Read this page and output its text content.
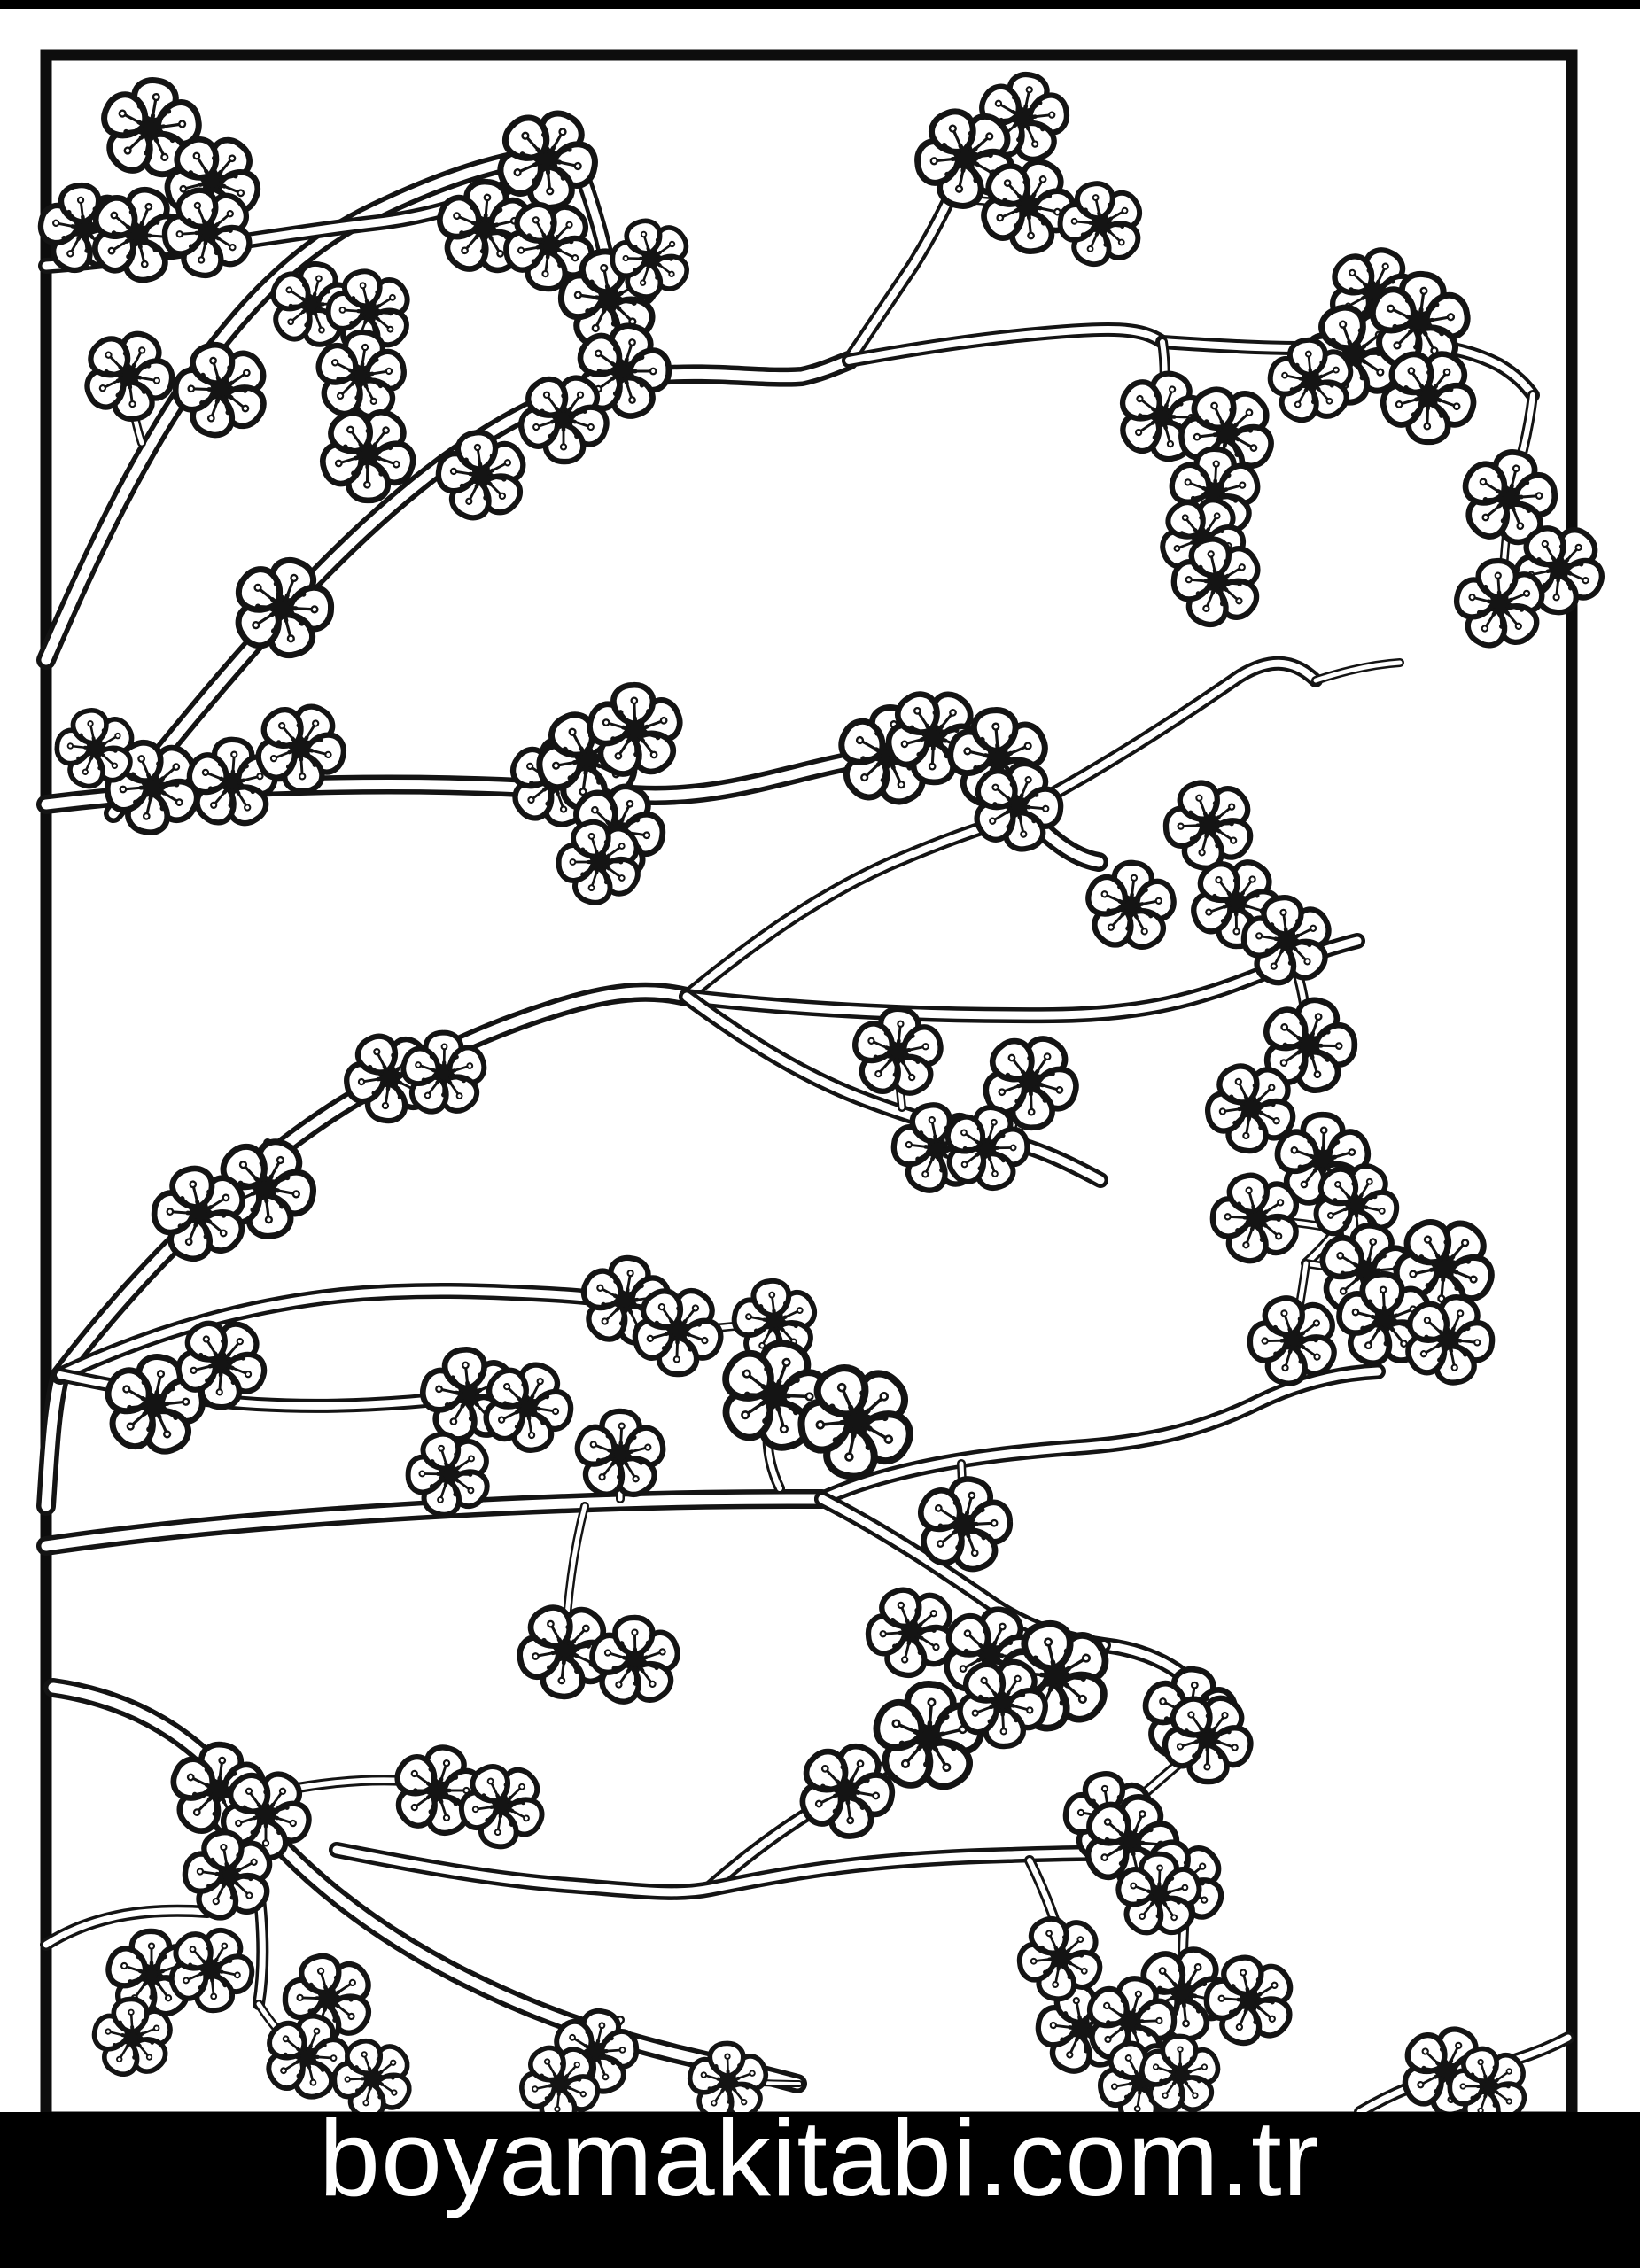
boyamakitabi.com.tr
